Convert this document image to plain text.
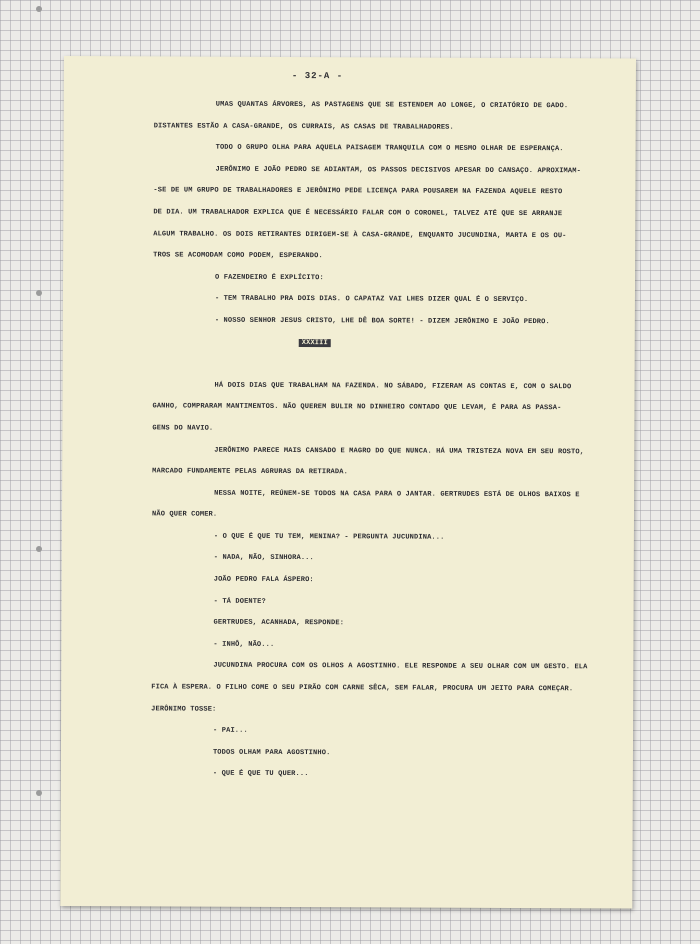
- 32-A -

UMAS QUANTAS ÁRVORES, AS PASTAGENS QUE SE ESTENDEM AO LONGE, O CRIATÓRIO DE GADO.

DISTANTES ESTÃO A CASA-GRANDE, OS CURRAIS, AS CASAS DE TRABALHADORES.

TODO O GRUPO OLHA PARA AQUELA PAISAGEM TRANQUILA COM O MESMO OLHAR DE ESPERANÇA.

JERÔNIMO E JOÃO PEDRO SE ADIANTAM, OS PASSOS DECISIVOS APESAR DO CANSAÇO. APROXIMAM-

-SE DE UM GRUPO DE TRABALHADORES E JERÔNIMO PEDE LICENÇA PARA POUSAREM NA FAZENDA AQUELE RESTO

DE DIA. UM TRABALHADOR EXPLICA QUE É NECESSÁRIO FALAR COM O CORONEL, TALVEZ ATÉ QUE SE ARRANJE

ALGUM TRABALHO. OS DOIS RETIRANTES DIRIGEM-SE À CASA-GRANDE, ENQUANTO JUCUNDINA, MARTA E OS OU-

TROS SE ACOMODAM COMO PODEM, ESPERANDO.

O FAZENDEIRO É EXPLÍCITO:

- TEM TRABALHO PRA DOIS DIAS. O CAPATAZ VAI LHES DIZER QUAL É O SERVIÇO.

- NOSSO SENHOR JESUS CRISTO, LHE DÊ BOA SORTE! - DIZEM JERÔNIMO E JOÃO PEDRO.

XXXIII

HÁ DOIS DIAS QUE TRABALHAM NA FAZENDA. NO SÁBADO, FIZERAM AS CONTAS E, COM O SALDO

GANHO, COMPRARAM MANTIMENTOS. NÃO QUEREM BULIR NO DINHEIRO CONTADO QUE LEVAM, É PARA AS PASSA-

GENS DO NAVIO.

JERÔNIMO PARECE MAIS CANSADO E MAGRO DO QUE NUNCA. HÁ UMA TRISTEZA NOVA EM SEU ROSTO,

MARCADO FUNDAMENTE PELAS AGRURAS DA RETIRADA.

NESSA NOITE, REÚNEM-SE TODOS NA CASA PARA O JANTAR. GERTRUDES ESTÁ DE OLHOS BAIXOS E

NÃO QUER COMER.

- O QUE É QUE TU TEM, MENINA? - PERGUNTA JUCUNDINA...

- NADA, NÃO, SINHORA...

JOÃO PEDRO FALA ÁSPERO:

- TÁ DOENTE?

GERTRUDES, ACANHADA, RESPONDE:

- INHÔ, NÃO...

JUCUNDINA PROCURA COM OS OLHOS A AGOSTINHO. ELE RESPONDE A SEU OLHAR COM UM GESTO. ELA

FICA À ESPERA. O FILHO COME O SEU PIRÃO COM CARNE SÊCA, SEM FALAR, PROCURA UM JEITO PARA COMEÇAR.

JERÔNIMO TOSSE:

- PAI...

TODOS OLHAM PARA AGOSTINHO.

- QUE É QUE TU QUER...
